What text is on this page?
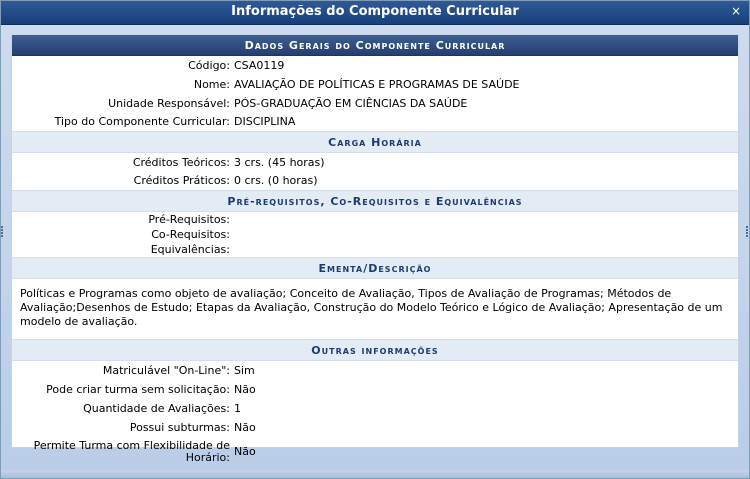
Informações do Componente Curricular	×
Dados Gerais do Componente Curricular	
Código:	CSA0119
Nome:	AVALIAÇÃO DE POLÍTICAS E PROGRAMAS DE SAÚDE
Unidade Responsável:	PÓS-GRADUAÇÃO EM CIÊNCIAS DA SAÚDE
Tipo do Componente Curricular:	DISCIPLINA
Carga Horária	
Créditos Teóricos:	3 crs. (45 horas)
Créditos Práticos:	0 crs. (0 horas)
Pré-requisitos, Co-Requisitos e Equivalências	
Pré-Requisitos:	
Co-Requisitos:	
Equivalências:	
Ementa/Descrição	
Políticas e Programas como objeto de avaliação; Conceito de Avaliação, Tipos de Avaliação de Programas; Métodos de Avaliação;Desenhos de Estudo; Etapas da Avaliação, Construção do Modelo Teórico e Lógico de Avaliação; Apresentação de um modelo de avaliação.	
Outras informações	
Matriculável "On-Line":	Sim
Pode criar turma sem solicitação:	Não
Quantidade de Avaliações:	1
Possui subturmas:	Não
Permite Turma com Flexibilidade de Horário:	Não
